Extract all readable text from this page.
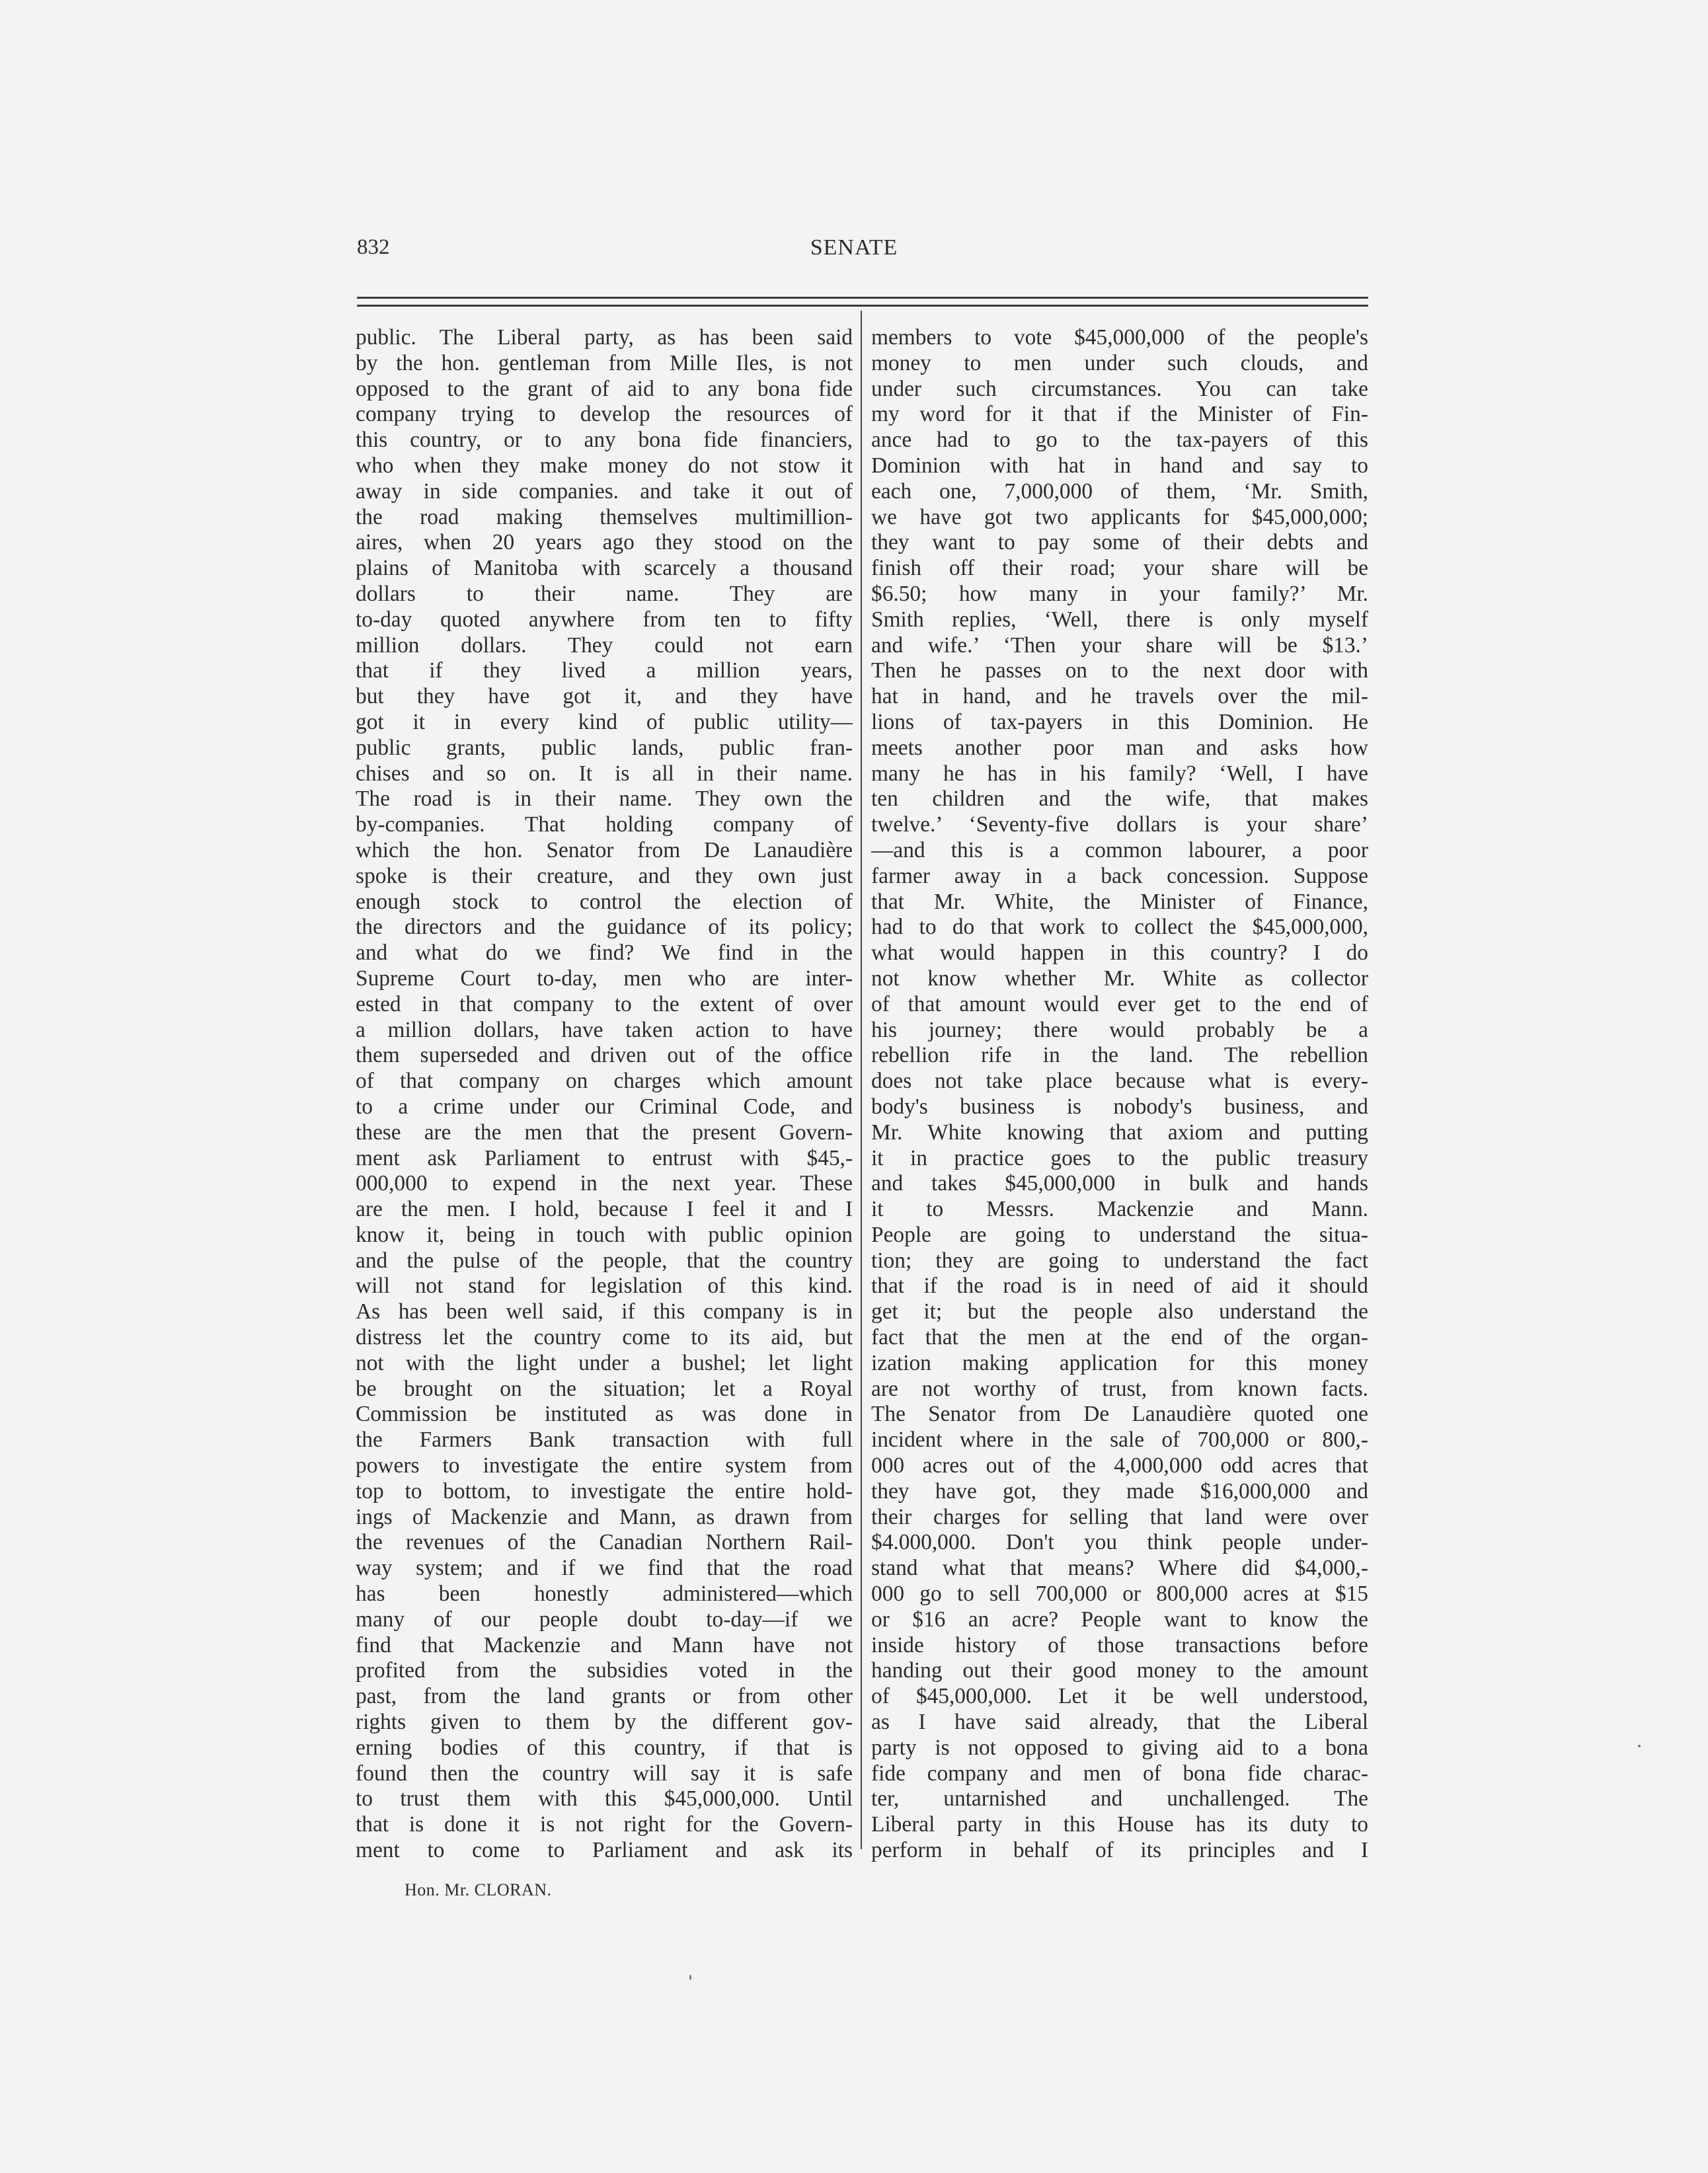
832	SENATE
public. The Liberal party, as has been said
by the hon. gentleman from Mille Iles, is not
opposed to the grant of aid to any bona fide
company trying to develop the resources of
this country, or to any bona fide financiers,
who when they make money do not stow it
away in side companies. and take it out of
the road making themselves multimillion-
aires, when 20 years ago they stood on the
plains of Manitoba with scarcely a thousand
dollars to their name. They are
to-day quoted anywhere from ten to fifty
million dollars. They could not earn
that if they lived a million years,
but they have got it, and they have
got it in every kind of public utility—
public grants, public lands, public fran-
chises and so on. It is all in their name.
The road is in their name. They own the
by-companies. That holding company of
which the hon. Senator from De Lanaudière
spoke is their creature, and they own just
enough stock to control the election of
the directors and the guidance of its policy;
and what do we find? We find in the
Supreme Court to-day, men who are inter-
ested in that company to the extent of over
a million dollars, have taken action to have
them superseded and driven out of the office
of that company on charges which amount
to a crime under our Criminal Code, and
these are the men that the present Govern-
ment ask Parliament to entrust with $45,-
000,000 to expend in the next year. These
are the men. I hold, because I feel it and I
know it, being in touch with public opinion
and the pulse of the people, that the country
will not stand for legislation of this kind.
As has been well said, if this company is in
distress let the country come to its aid, but
not with the light under a bushel; let light
be brought on the situation; let a Royal
Commission be instituted as was done in
the Farmers Bank transaction with full
powers to investigate the entire system from
top to bottom, to investigate the entire hold-
ings of Mackenzie and Mann, as drawn from
the revenues of the Canadian Northern Rail-
way system; and if we find that the road
has been honestly administered—which
many of our people doubt to-day—if we
find that Mackenzie and Mann have not
profited from the subsidies voted in the
past, from the land grants or from other
rights given to them by the different gov-
erning bodies of this country, if that is
found then the country will say it is safe
to trust them with this $45,000,000. Until
that is done it is not right for the Govern-
ment to come to Parliament and ask its
members to vote $45,000,000 of the people's
money to men under such clouds, and
under such circumstances. You can take
my word for it that if the Minister of Fin-
ance had to go to the tax-payers of this
Dominion with hat in hand and say to
each one, 7,000,000 of them, ‘Mr. Smith,
we have got two applicants for $45,000,000;
they want to pay some of their debts and
finish off their road; your share will be
$6.50; how many in your family?’ Mr.
Smith replies, ‘Well, there is only myself
and wife.’ ‘Then your share will be $13.’
Then he passes on to the next door with
hat in hand, and he travels over the mil-
lions of tax-payers in this Dominion. He
meets another poor man and asks how
many he has in his family? ‘Well, I have
ten children and the wife, that makes
twelve.’ ‘Seventy-five dollars is your share’
—and this is a common labourer, a poor
farmer away in a back concession. Suppose
that Mr. White, the Minister of Finance,
had to do that work to collect the $45,000,000,
what would happen in this country? I do
not know whether Mr. White as collector
of that amount would ever get to the end of
his journey; there would probably be a
rebellion rife in the land. The rebellion
does not take place because what is every-
body's business is nobody's business, and
Mr. White knowing that axiom and putting
it in practice goes to the public treasury
and takes $45,000,000 in bulk and hands
it to Messrs. Mackenzie and Mann.
People are going to understand the situa-
tion; they are going to understand the fact
that if the road is in need of aid it should
get it; but the people also understand the
fact that the men at the end of the organ-
ization making application for this money
are not worthy of trust, from known facts.
The Senator from De Lanaudière quoted one
incident where in the sale of 700,000 or 800,-
000 acres out of the 4,000,000 odd acres that
they have got, they made $16,000,000 and
their charges for selling that land were over
$4.000,000. Don't you think people under-
stand what that means? Where did $4,000,-
000 go to sell 700,000 or 800,000 acres at $15
or $16 an acre? People want to know the
inside history of those transactions before
handing out their good money to the amount
of $45,000,000. Let it be well understood,
as I have said already, that the Liberal
party is not opposed to giving aid to a bona
fide company and men of bona fide charac-
ter, untarnished and unchallenged. The
Liberal party in this House has its duty to
perform in behalf of its principles and I
Hon. Mr. CLORAN.
